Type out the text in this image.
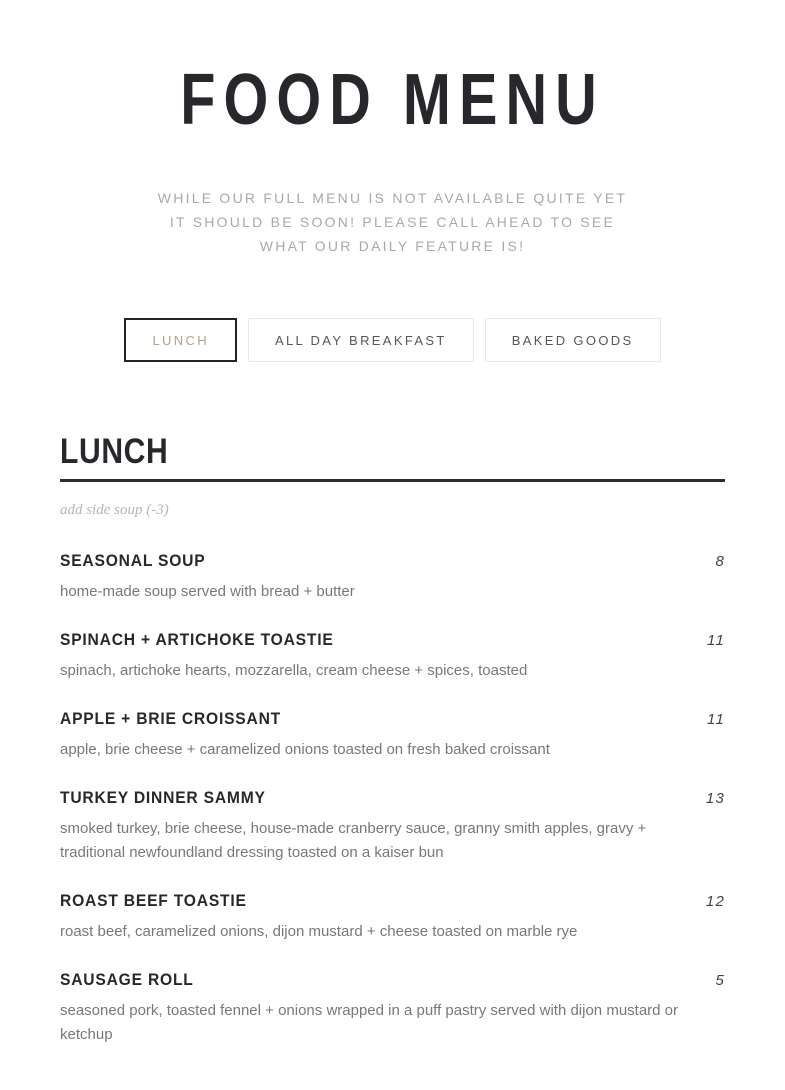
FOOD MENU

WHILE OUR FULL MENU IS NOT AVAILABLE QUITE YET IT SHOULD BE SOON! PLEASE CALL AHEAD TO SEE WHAT OUR DAILY FEATURE IS!

LUNCH	ALL DAY BREAKFAST	BAKED GOODS
LUNCH

add side soup (-3)

SEASONAL SOUP	8

home-made soup served with bread + butter

SPINACH + ARTICHOKE TOASTIE	11

spinach, artichoke hearts, mozzarella, cream cheese + spices, toasted

APPLE + BRIE CROISSANT	11

apple, brie cheese + caramelized onions toasted on fresh baked croissant

TURKEY DINNER SAMMY	13

smoked turkey, brie cheese, house-made cranberry sauce, granny smith apples, gravy + traditional newfoundland dressing toasted on a kaiser bun

ROAST BEEF TOASTIE	12

roast beef, caramelized onions, dijon mustard + cheese toasted on marble rye

SAUSAGE ROLL	5

seasoned pork, toasted fennel + onions wrapped in a puff pastry served with dijon mustard or ketchup
